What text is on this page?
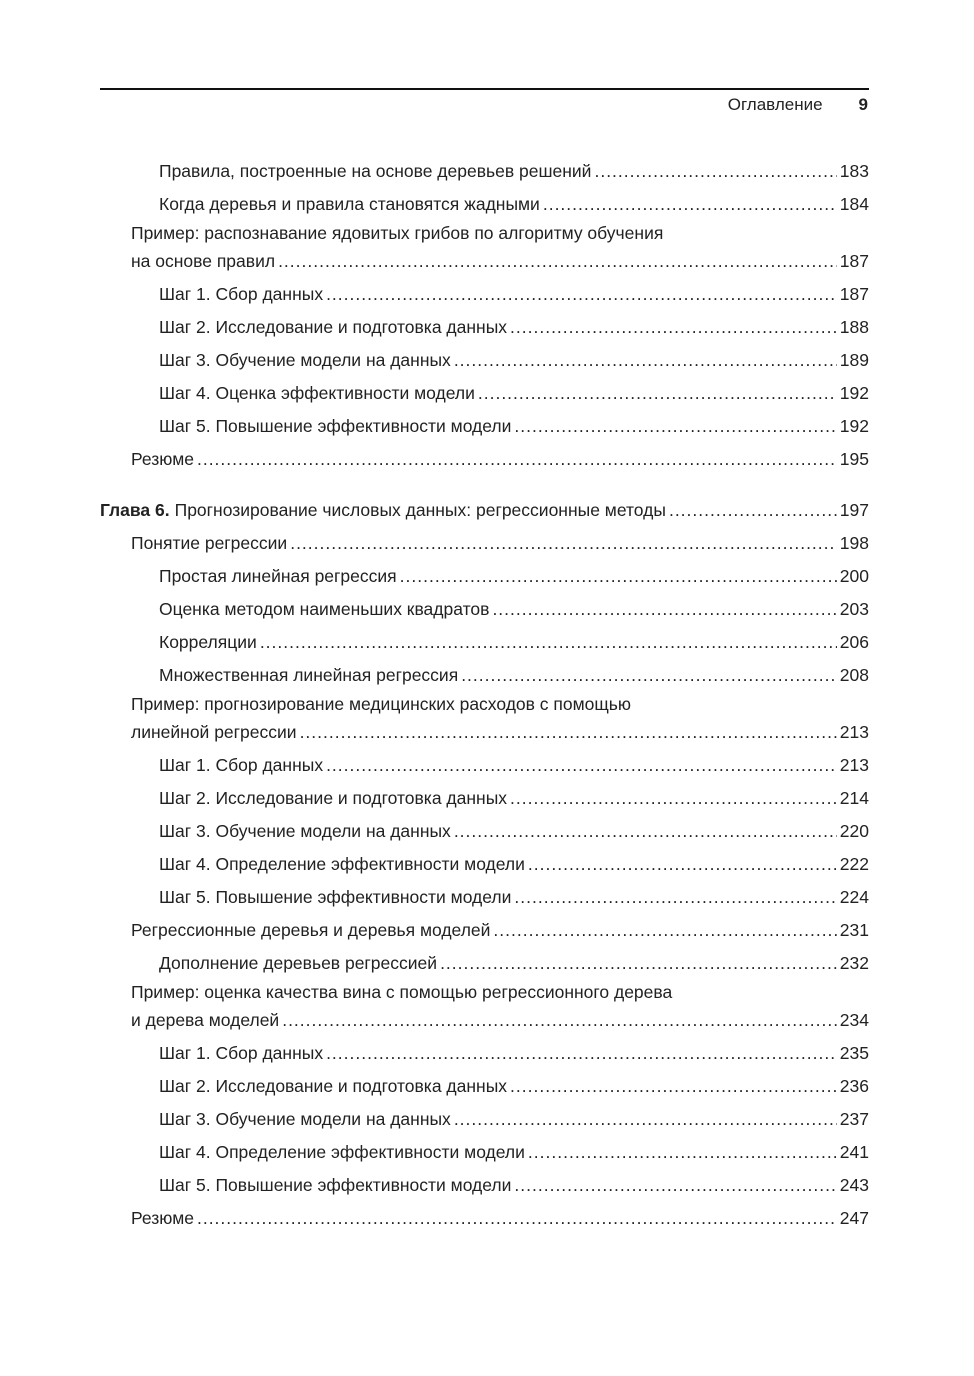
Оглавление 9
Правила, построенные на основе деревьев решений .....	183
Когда деревья и правила становятся жадными .....	184
Пример: распознавание ядовитых грибов по алгоритму обучения
на основе правил .....	187
Шаг 1. Сбор данных .....	187
Шаг 2. Исследование и подготовка данных .....	188
Шаг 3. Обучение модели на данных .....	189
Шаг 4. Оценка эффективности модели .....	192
Шаг 5. Повышение эффективности модели .....	192
Резюме .....	195
Глава 6. Прогнозирование числовых данных: регрессионные методы .....	197
Понятие регрессии .....	198
Простая линейная регрессия .....	200
Оценка методом наименьших квадратов .....	203
Корреляции .....	206
Множественная линейная регрессия .....	208
Пример: прогнозирование медицинских расходов с помощью
линейной регрессии .....	213
Шаг 1. Сбор данных .....	213
Шаг 2. Исследование и подготовка данных .....	214
Шаг 3. Обучение модели на данных .....	220
Шаг 4. Определение эффективности модели .....	222
Шаг 5. Повышение эффективности модели .....	224
Регрессионные деревья и деревья моделей .....	231
Дополнение деревьев регрессией .....	232
Пример: оценка качества вина с помощью регрессионного дерева
и дерева моделей .....	234
Шаг 1. Сбор данных .....	235
Шаг 2. Исследование и подготовка данных .....	236
Шаг 3. Обучение модели на данных .....	237
Шаг 4. Определение эффективности модели .....	241
Шаг 5. Повышение эффективности модели .....	243
Резюме .....	247
